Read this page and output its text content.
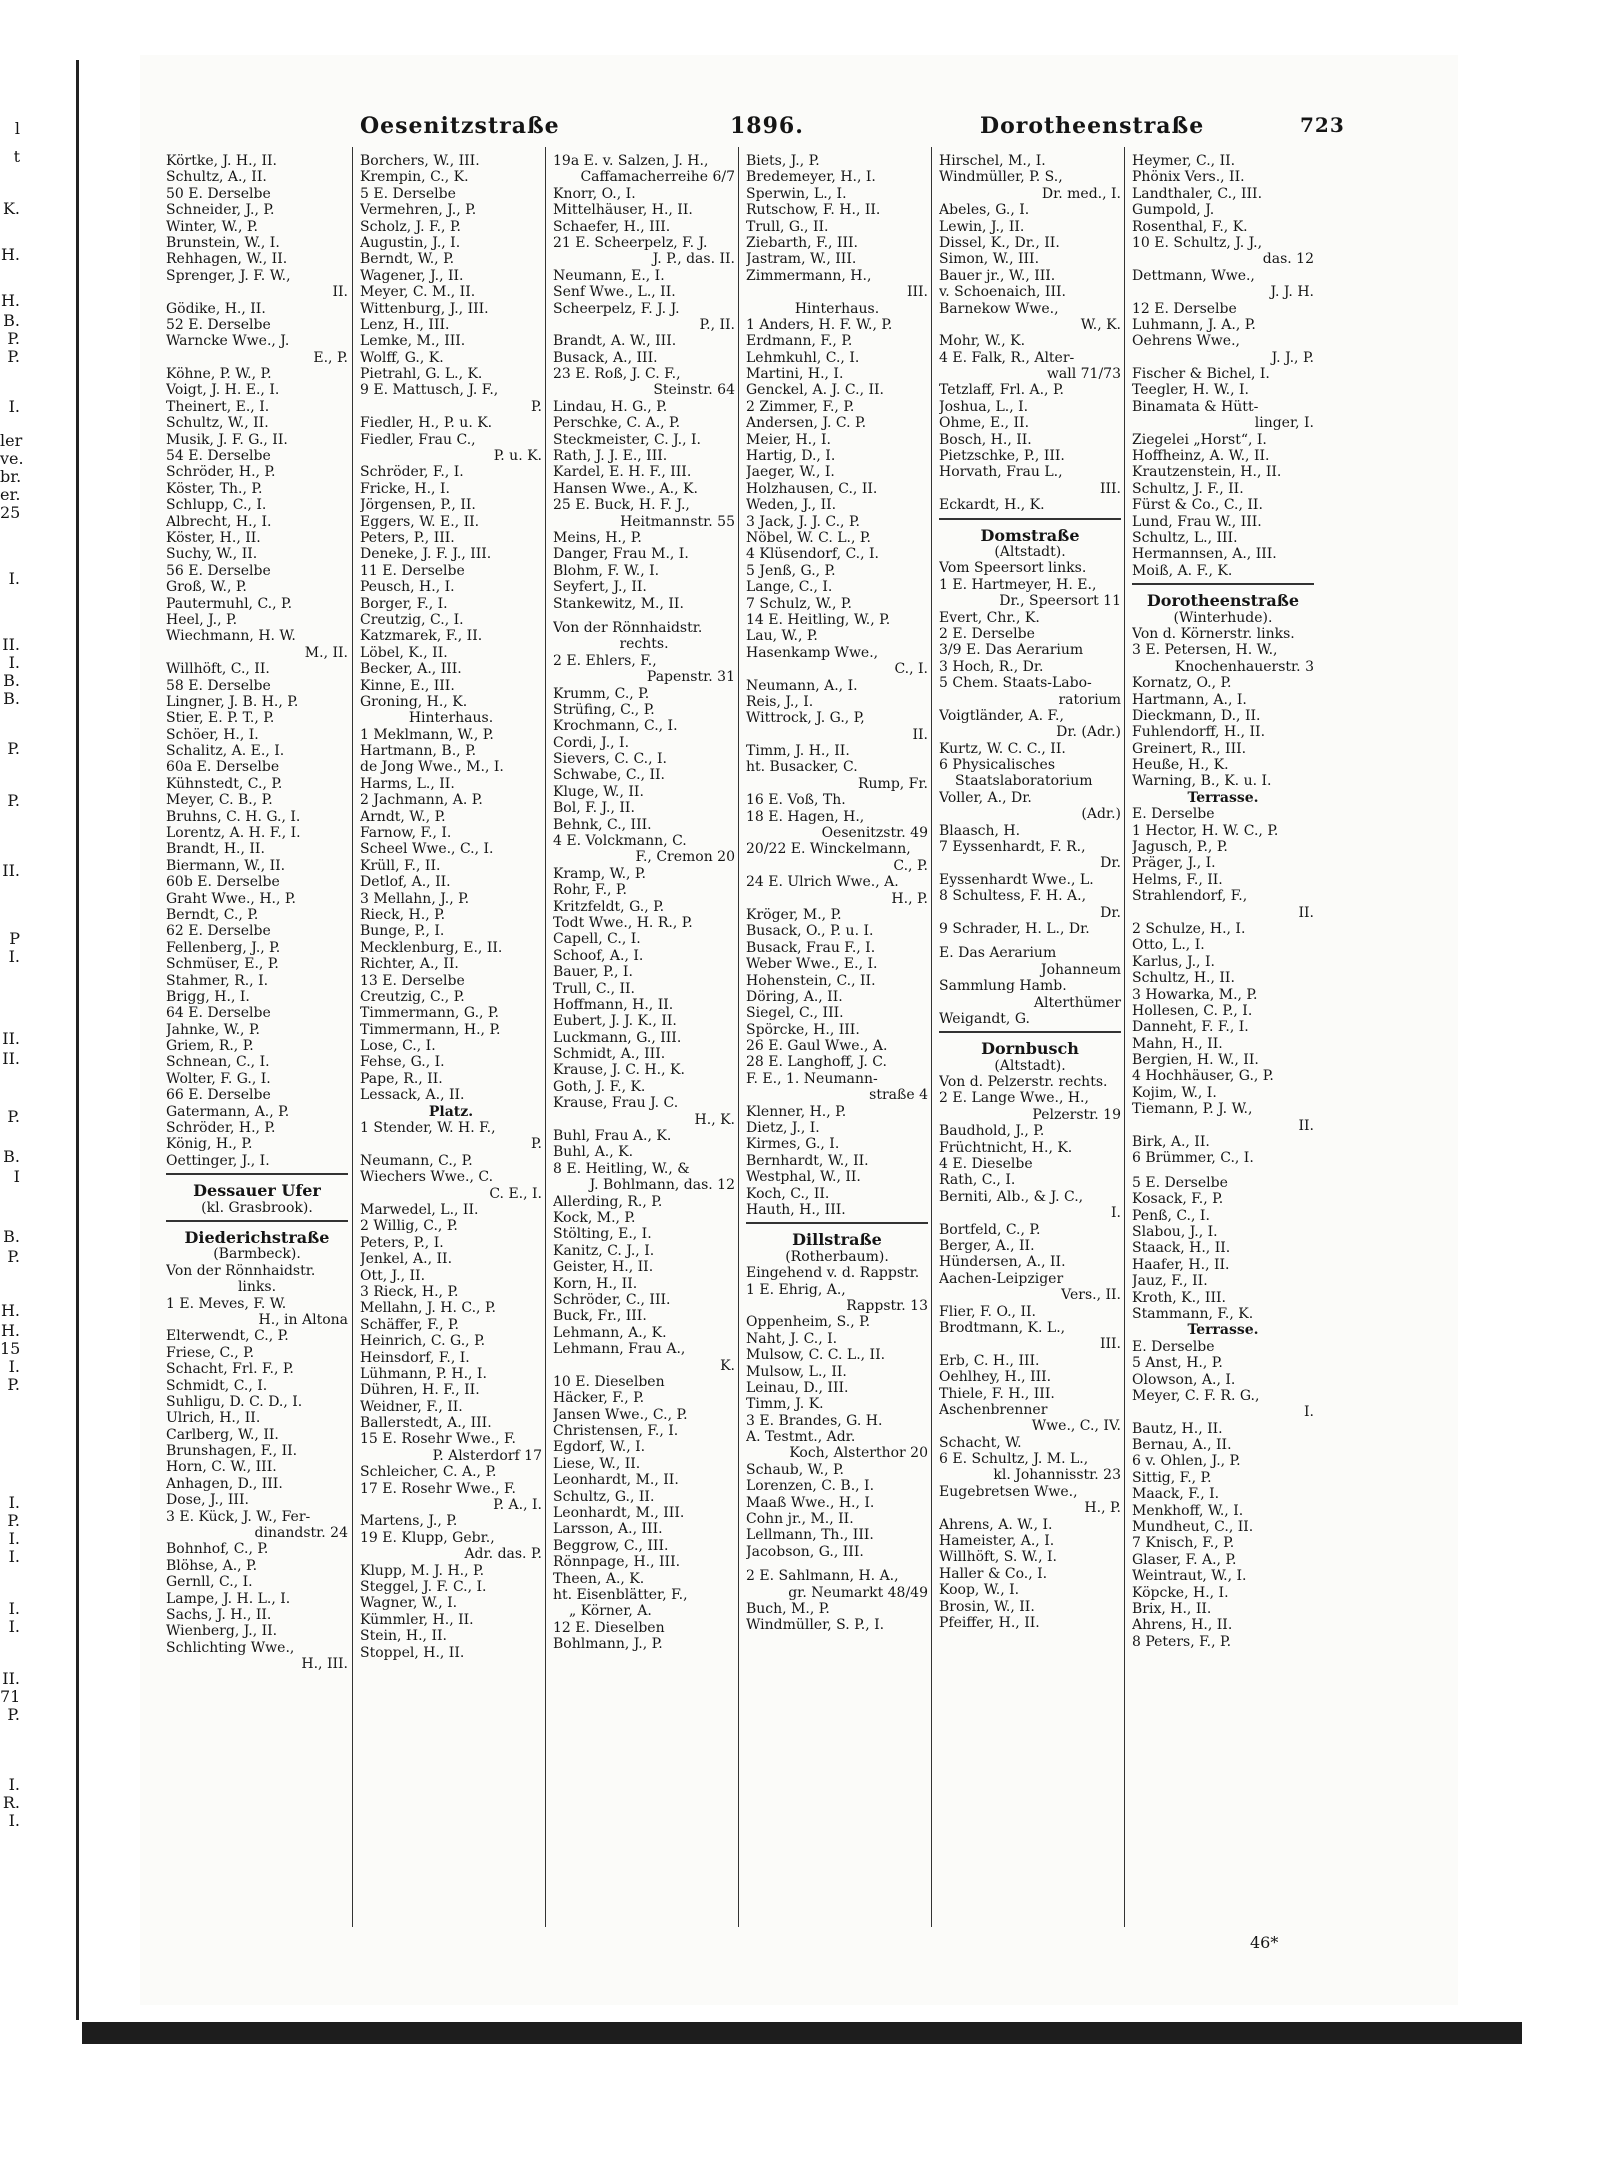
l
t
K.
H.
H.
B.
P.
P.
I.
ler
ve.
br.
er.
25
I.
II.
I.
B.
B.
P.
P.
II.
P
I.
II.
II.
P.
B.
I
B.
P.
H.
H.
15
I.
P.
I.
P.
I.
I.
I.
I.
II.
71
P.
I.
R.
I.
Oesenitzstraße	1896.	Dorotheenstraße	723
Körtke, J. H., II.
Schultz, A., II.
50 E. Derselbe
Schneider, J., P.
Winter, W., P.
Brunstein, W., I.
Rehhagen, W., II.
Sprenger, J. F. W.,
II.
Gödike, H., II.
52 E. Derselbe
Warncke Wwe., J.
E., P.
Köhne, P. W., P.
Voigt, J. H. E., I.
Theinert, E., I.
Schultz, W., II.
Musik, J. F. G., II.
54 E. Derselbe
Schröder, H., P.
Köster, Th., P.
Schlupp, C., I.
Albrecht, H., I.
Köster, H., II.
Suchy, W., II.
56 E. Derselbe
Groß, W., P.
Pautermuhl, C., P.
Heel, J., P.
Wiechmann, H. W.
M., II.
Willhöft, C., II.
58 E. Derselbe
Lingner, J. B. H., P.
Stier, E. P. T., P.
Schöer, H., I.
Schalitz, A. E., I.
60a E. Derselbe
Kühnstedt, C., P.
Meyer, C. B., P.
Bruhns, C. H. G., I.
Lorentz, A. H. F., I.
Brandt, H., II.
Biermann, W., II.
60b E. Derselbe
Graht Wwe., H., P.
Berndt, C., P.
62 E. Derselbe
Fellenberg, J., P.
Schmüser, E., P.
Stahmer, R., I.
Brigg, H., I.
64 E. Derselbe
Jahnke, W., P.
Griem, R., P.
Schnean, C., I.
Wolter, F. G., I.
66 E. Derselbe
Gatermann, A., P.
Schröder, H., P.
König, H., P.
Oettinger, J., I.
Dessauer Ufer
(kl. Grasbrook).
Diederichstraße
(Barmbeck).
Von der Rönnhaidstr.
links.
1 E. Meves, F. W.
H., in Altona
Elterwendt, C., P.
Friese, C., P.
Schacht, Frl. F., P.
Schmidt, C., I.
Suhligu, D. C. D., I.
Ulrich, H., II.
Carlberg, W., II.
Brunshagen, F., II.
Horn, C. W., III.
Anhagen, D., III.
Dose, J., III.
3 E. Kück, J. W., Fer-
dinandstr. 24
Bohnhof, C., P.
Blöhse, A., P.
Gernll, C., I.
Lampe, J. H. L., I.
Sachs, J. H., II.
Wienberg, J., II.
Schlichting Wwe.,
H., III.
Borchers, W., III.
Krempin, C., K.
5 E. Derselbe
Vermehren, J., P.
Scholz, J. F., P.
Augustin, J., I.
Berndt, W., P.
Wagener, J., II.
Meyer, C. M., II.
Wittenburg, J., III.
Lenz, H., III.
Lemke, M., III.
Wolff, G., K.
Pietrahl, G. L., K.
9 E. Mattusch, J. F.,
P.
Fiedler, H., P. u. K.
Fiedler, Frau C.,
P. u. K.
Schröder, F., I.
Fricke, H., I.
Jörgensen, P., II.
Eggers, W. E., II.
Peters, P., III.
Deneke, J. F. J., III.
11 E. Derselbe
Peusch, H., I.
Borger, F., I.
Creutzig, C., I.
Katzmarek, F., II.
Löbel, K., II.
Becker, A., III.
Kinne, E., III.
Groning, H., K.
Hinterhaus.
1 Meklmann, W., P.
Hartmann, B., P.
de Jong Wwe., M., I.
Harms, L., II.
2 Jachmann, A. P.
Arndt, W., P.
Farnow, F., I.
Scheel Wwe., C., I.
Krüll, F., II.
Detlof, A., II.
3 Mellahn, J., P.
Rieck, H., P.
Bunge, P., I.
Mecklenburg, E., II.
Richter, A., II.
13 E. Derselbe
Creutzig, C., P.
Timmermann, G., P.
Timmermann, H., P.
Lose, C., I.
Fehse, G., I.
Pape, R., II.
Lessack, A., II.
Platz.
1 Stender, W. H. F.,
P.
Neumann, C., P.
Wiechers Wwe., C.
C. E., I.
Marwedel, L., II.
2 Willig, C., P.
Peters, P., I.
Jenkel, A., II.
Ott, J., II.
3 Rieck, H., P.
Mellahn, J. H. C., P.
Schäffer, F., P.
Heinrich, C. G., P.
Heinsdorf, F., I.
Lühmann, P. H., I.
Dühren, H. F., II.
Weidner, F., II.
Ballerstedt, A., III.
15 E. Rosehr Wwe., F.
P. Alsterdorf 17
Schleicher, C. A., P.
17 E. Rosehr Wwe., F.
P. A., I.
Martens, J., P.
19 E. Klupp, Gebr.,
Adr. das. P.
Klupp, M. J. H., P.
Steggel, J. F. C., I.
Wagner, W., I.
Kümmler, H., II.
Stein, H., II.
Stoppel, H., II.
19a E. v. Salzen, J. H.,
Caffamacherreihe 6/7
Knorr, O., I.
Mittelhäuser, H., II.
Schaefer, H., III.
21 E. Scheerpelz, F. J.
J. P., das. II.
Neumann, E., I.
Senf Wwe., L., II.
Scheerpelz, F. J. J.
P., II.
Brandt, A. W., III.
Busack, A., III.
23 E. Roß, J. C. F.,
Steinstr. 64
Lindau, H. G., P.
Perschke, C. A., P.
Steckmeister, C. J., I.
Rath, J. J. E., III.
Kardel, E. H. F., III.
Hansen Wwe., A., K.
25 E. Buck, H. F. J.,
Heitmannstr. 55
Meins, H., P.
Danger, Frau M., I.
Blohm, F. W., I.
Seyfert, J., II.
Stankewitz, M., II.
Von der Rönnhaidstr.
rechts.
2 E. Ehlers, F.,
Papenstr. 31
Krumm, C., P.
Strüfing, C., P.
Krochmann, C., I.
Cordi, J., I.
Sievers, C. C., I.
Schwabe, C., II.
Kluge, W., II.
Bol, F. J., II.
Behnk, C., III.
4 E. Volckmann, C.
F., Cremon 20
Kramp, W., P.
Rohr, F., P.
Kritzfeldt, G., P.
Todt Wwe., H. R., P.
Capell, C., I.
Schoof, A., I.
Bauer, P., I.
Trull, C., II.
Hoffmann, H., II.
Eubert, J. J. K., II.
Luckmann, G., III.
Schmidt, A., III.
Krause, J. C. H., K.
Goth, J. F., K.
Krause, Frau J. C.
H., K.
Buhl, Frau A., K.
Buhl, A., K.
8 E. Heitling, W., &
J. Bohlmann, das. 12
Allerding, R., P.
Kock, M., P.
Stölting, E., I.
Kanitz, C. J., I.
Geister, H., II.
Korn, H., II.
Schröder, C., III.
Buck, Fr., III.
Lehmann, A., K.
Lehmann, Frau A.,
K.
10 E. Dieselben
Häcker, F., P.
Jansen Wwe., C., P.
Christensen, F., I.
Egdorf, W., I.
Liese, W., II.
Leonhardt, M., II.
Schultz, G., II.
Leonhardt, M., III.
Larsson, A., III.
Beggrow, C., III.
Rönnpage, H., III.
Theen, A., K.
ht. Eisenblätter, F.,
„ Körner, A.
12 E. Dieselben
Bohlmann, J., P.
Biets, J., P.
Bredemeyer, H., I.
Sperwin, L., I.
Rutschow, F. H., II.
Trull, G., II.
Ziebarth, F., III.
Jastram, W., III.
Zimmermann, H.,
III.
Hinterhaus.
1 Anders, H. F. W., P.
Erdmann, F., P.
Lehmkuhl, C., I.
Martini, H., I.
Genckel, A. J. C., II.
2 Zimmer, F., P.
Andersen, J. C. P.
Meier, H., I.
Hartig, D., I.
Jaeger, W., I.
Holzhausen, C., II.
Weden, J., II.
3 Jack, J. J. C., P.
Nöbel, W. C. L., P.
4 Klüsendorf, C., I.
5 Jenß, G., P.
Lange, C., I.
7 Schulz, W., P.
14 E. Heitling, W., P.
Lau, W., P.
Hasenkamp Wwe.,
C., I.
Neumann, A., I.
Reis, J., I.
Wittrock, J. G., P,
II.
Timm, J. H., II.
ht. Busacker, C.
Rump, Fr.
16 E. Voß, Th.
18 E. Hagen, H.,
Oesenitzstr. 49
20/22 E. Winckelmann,
C., P.
24 E. Ulrich Wwe., A.
H., P.
Kröger, M., P.
Busack, O., P. u. I.
Busack, Frau F., I.
Weber Wwe., E., I.
Hohenstein, C., II.
Döring, A., II.
Siegel, C., III.
Spörcke, H., III.
26 E. Gaul Wwe., A.
28 E. Langhoff, J. C.
F. E., 1. Neumann-
straße 4
Klenner, H., P.
Dietz, J., I.
Kirmes, G., I.
Bernhardt, W., II.
Westphal, W., II.
Koch, C., II.
Hauth, H., III.
Dillstraße
(Rotherbaum).
Eingehend v. d. Rappstr.
1 E. Ehrig, A.,
Rappstr. 13
Oppenheim, S., P.
Naht, J. C., I.
Mulsow, C. C. L., II.
Mulsow, L., II.
Leinau, D., III.
Timm, J. K.
3 E. Brandes, G. H.
A. Testmt., Adr.
Koch, Alsterthor 20
Schaub, W., P.
Lorenzen, C. B., I.
Maaß Wwe., H., I.
Cohn jr., M., II.
Lellmann, Th., III.
Jacobson, G., III.
2 E. Sahlmann, H. A.,
gr. Neumarkt 48/49
Buch, M., P.
Windmüller, S. P., I.
Hirschel, M., I.
Windmüller, P. S.,
Dr. med., I.
Abeles, G., I.
Lewin, J., II.
Dissel, K., Dr., II.
Simon, W., III.
Bauer jr., W., III.
v. Schoenaich, III.
Barnekow Wwe.,
W., K.
Mohr, W., K.
4 E. Falk, R., Alter-
wall 71/73
Tetzlaff, Frl. A., P.
Joshua, L., I.
Ohme, E., II.
Bosch, H., II.
Pietzschke, P., III.
Horvath, Frau L.,
III.
Eckardt, H., K.
Domstraße
(Altstadt).
Vom Speersort links.
1 E. Hartmeyer, H. E.,
Dr., Speersort 11
Evert, Chr., K.
2 E. Derselbe
3/9 E. Das Aerarium
3 Hoch, R., Dr.
5 Chem. Staats-Labo-
ratorium
Voigtländer, A. F.,
Dr. (Adr.)
Kurtz, W. C. C., II.
6 Physicalisches
Staatslaboratorium
Voller, A., Dr.
(Adr.)
Blaasch, H.
7 Eyssenhardt, F. R.,
Dr.
Eyssenhardt Wwe., L.
8 Schultess, F. H. A.,
Dr.
9 Schrader, H. L., Dr.
E. Das Aerarium
Johanneum
Sammlung Hamb.
Alterthümer
Weigandt, G.
Dornbusch
(Altstadt).
Von d. Pelzerstr. rechts.
2 E. Lange Wwe., H.,
Pelzerstr. 19
Baudhold, J., P.
Früchtnicht, H., K.
4 E. Dieselbe
Rath, C., I.
Berniti, Alb., & J. C.,
I.
Bortfeld, C., P.
Berger, A., II.
Hündersen, A., II.
Aachen-Leipziger
Vers., II.
Flier, F. O., II.
Brodtmann, K. L.,
III.
Erb, C. H., III.
Oehlhey, H., III.
Thiele, F. H., III.
Aschenbrenner
Wwe., C., IV.
Schacht, W.
6 E. Schultz, J. M. L.,
kl. Johannisstr. 23
Eugebretsen Wwe.,
H., P.
Ahrens, A. W., I.
Hameister, A., I.
Willhöft, S. W., I.
Haller & Co., I.
Koop, W., I.
Brosin, W., II.
Pfeiffer, H., II.
Heymer, C., II.
Phönix Vers., II.
Landthaler, C., III.
Gumpold, J.
Rosenthal, F., K.
10 E. Schultz, J. J.,
das. 12
Dettmann, Wwe.,
J. J. H.
12 E. Derselbe
Luhmann, J. A., P.
Oehrens Wwe.,
J. J., P.
Fischer & Bichel, I.
Teegler, H. W., I.
Binamata & Hütt-
linger, I.
Ziegelei „Horst“, I.
Hoffheinz, A. W., II.
Krautzenstein, H., II.
Schultz, J. F., II.
Fürst & Co., C., II.
Lund, Frau W., III.
Schultz, L., III.
Hermannsen, A., III.
Moiß, A. F., K.
Dorotheenstraße
(Winterhude).
Von d. Körnerstr. links.
3 E. Petersen, H. W.,
Knochenhauerstr. 3
Kornatz, O., P.
Hartmann, A., I.
Dieckmann, D., II.
Fuhlendorff, H., II.
Greinert, R., III.
Heuße, H., K.
Warning, B., K. u. I.
Terrasse.
E. Derselbe
1 Hector, H. W. C., P.
Jagusch, P., P.
Präger, J., I.
Helms, F., II.
Strahlendorf, F.,
II.
2 Schulze, H., I.
Otto, L., I.
Karlus, J., I.
Schultz, H., II.
3 Howarka, M., P.
Hollesen, C. P., I.
Danneht, F. F., I.
Mahn, H., II.
Bergien, H. W., II.
4 Hochhäuser, G., P.
Kojim, W., I.
Tiemann, P. J. W.,
II.
Birk, A., II.
6 Brümmer, C., I.
5 E. Derselbe
Kosack, F., P.
Penß, C., I.
Slabou, J., I.
Staack, H., II.
Haafer, H., II.
Jauz, F., II.
Kroth, K., III.
Stammann, F., K.
Terrasse.
E. Derselbe
5 Anst, H., P.
Olowson, A., I.
Meyer, C. F. R. G.,
I.
Bautz, H., II.
Bernau, A., II.
6 v. Ohlen, J., P.
Sittig, F., P.
Maack, F., I.
Menkhoff, W., I.
Mundheut, C., II.
7 Knisch, F., P.
Glaser, F. A., P.
Weintraut, W., I.
Köpcke, H., I.
Brix, H., II.
Ahrens, H., II.
8 Peters, F., P.
46*
